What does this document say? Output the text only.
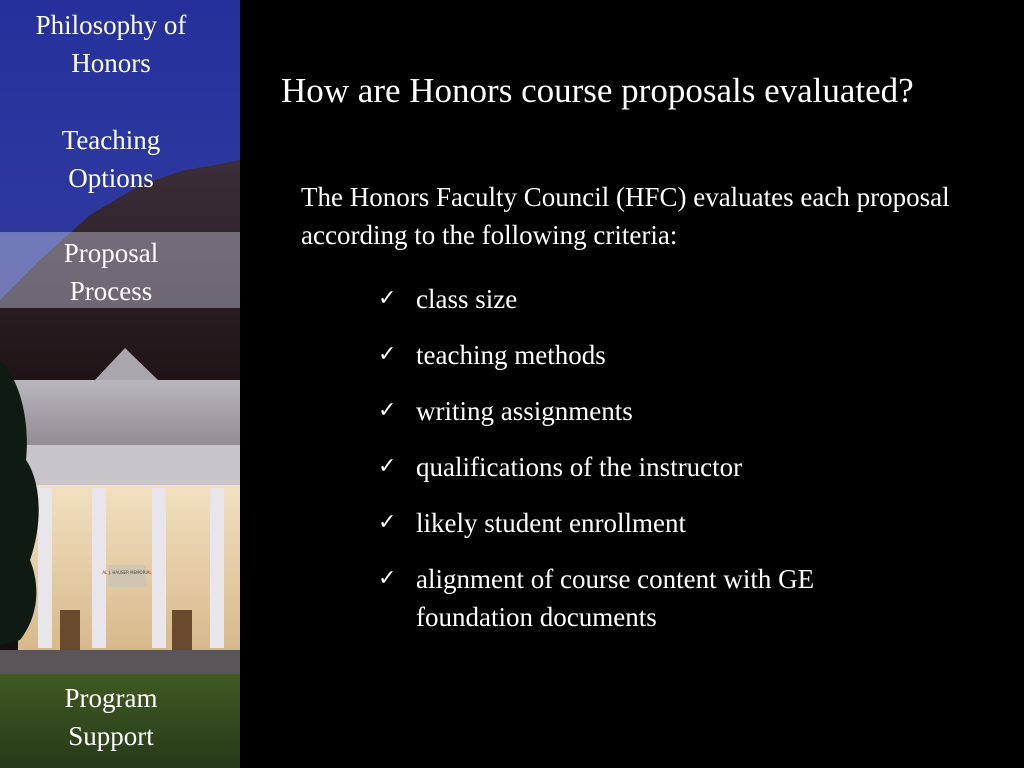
AL J. HAUSER MEMORIAL
Philosophy of
Honors
Teaching
Options
Proposal
Process
Program
Support
How are Honors course proposals evaluated?
The Honors Faculty Council (HFC) evaluates each proposal according to the following criteria:
✓ class size
✓ teaching methods
✓ writing assignments
✓ qualifications of the instructor
✓ likely student enrollment
✓ alignment of course content with GE
foundation documents
